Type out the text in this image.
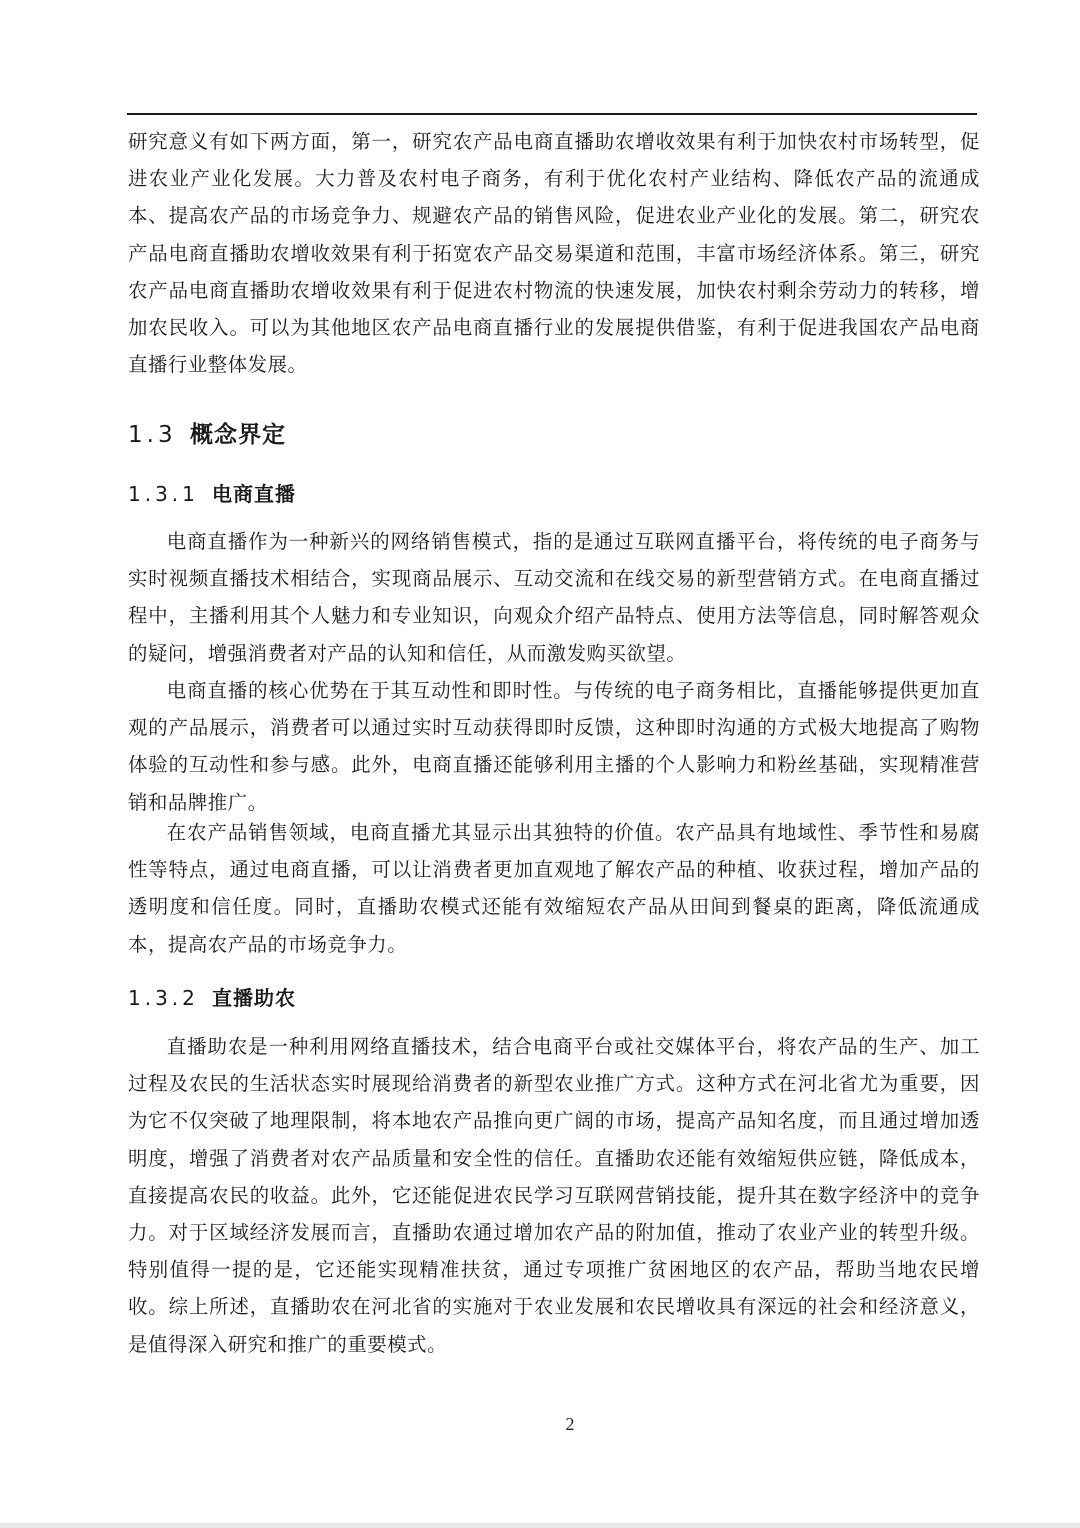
研究意义有如下两方面，第一，研究农产品电商直播助农增收效果有利于加快农村市场转型，促进农业产业化发展。大力普及农村电子商务，有利于优化农村产业结构、降低农产品的流通成本、提高农产品的市场竞争力、规避农产品的销售风险，促进农业产业化的发展。第二，研究农产品电商直播助农增收效果有利于拓宽农产品交易渠道和范围，丰富市场经济体系。第三，研究农产品电商直播助农增收效果有利于促进农村物流的快速发展，加快农村剩余劳动力的转移，增加农民收入。可以为其他地区农产品电商直播行业的发展提供借鉴，有利于促进我国农产品电商直播行业整体发展。

1.3 概念界定
1.3.1 电商直播

电商直播作为一种新兴的网络销售模式，指的是通过互联网直播平台，将传统的电子商务与实时视频直播技术相结合，实现商品展示、互动交流和在线交易的新型营销方式。在电商直播过程中，主播利用其个人魅力和专业知识，向观众介绍产品特点、使用方法等信息，同时解答观众的疑问，增强消费者对产品的认知和信任，从而激发购买欲望。

电商直播的核心优势在于其互动性和即时性。与传统的电子商务相比，直播能够提供更加直观的产品展示，消费者可以通过实时互动获得即时反馈，这种即时沟通的方式极大地提高了购物体验的互动性和参与感。此外，电商直播还能够利用主播的个人影响力和粉丝基础，实现精准营销和品牌推广。

在农产品销售领域，电商直播尤其显示出其独特的价值。农产品具有地域性、季节性和易腐性等特点，通过电商直播，可以让消费者更加直观地了解农产品的种植、收获过程，增加产品的透明度和信任度。同时，直播助农模式还能有效缩短农产品从田间到餐桌的距离，降低流通成本，提高农产品的市场竞争力。

1.3.2 直播助农

直播助农是一种利用网络直播技术，结合电商平台或社交媒体平台，将农产品的生产、加工过程及农民的生活状态实时展现给消费者的新型农业推广方式。这种方式在河北省尤为重要，因为它不仅突破了地理限制，将本地农产品推向更广阔的市场，提高产品知名度，而且通过增加透明度，增强了消费者对农产品质量和安全性的信任。直播助农还能有效缩短供应链，降低成本，直接提高农民的收益。此外，它还能促进农民学习互联网营销技能，提升其在数字经济中的竞争力。对于区域经济发展而言，直播助农通过增加农产品的附加值，推动了农业产业的转型升级。特别值得一提的是，它还能实现精准扶贫，通过专项推广贫困地区的农产品，帮助当地农民增收。综上所述，直播助农在河北省的实施对于农业发展和农民增收具有深远的社会和经济意义，是值得深入研究和推广的重要模式。

2
